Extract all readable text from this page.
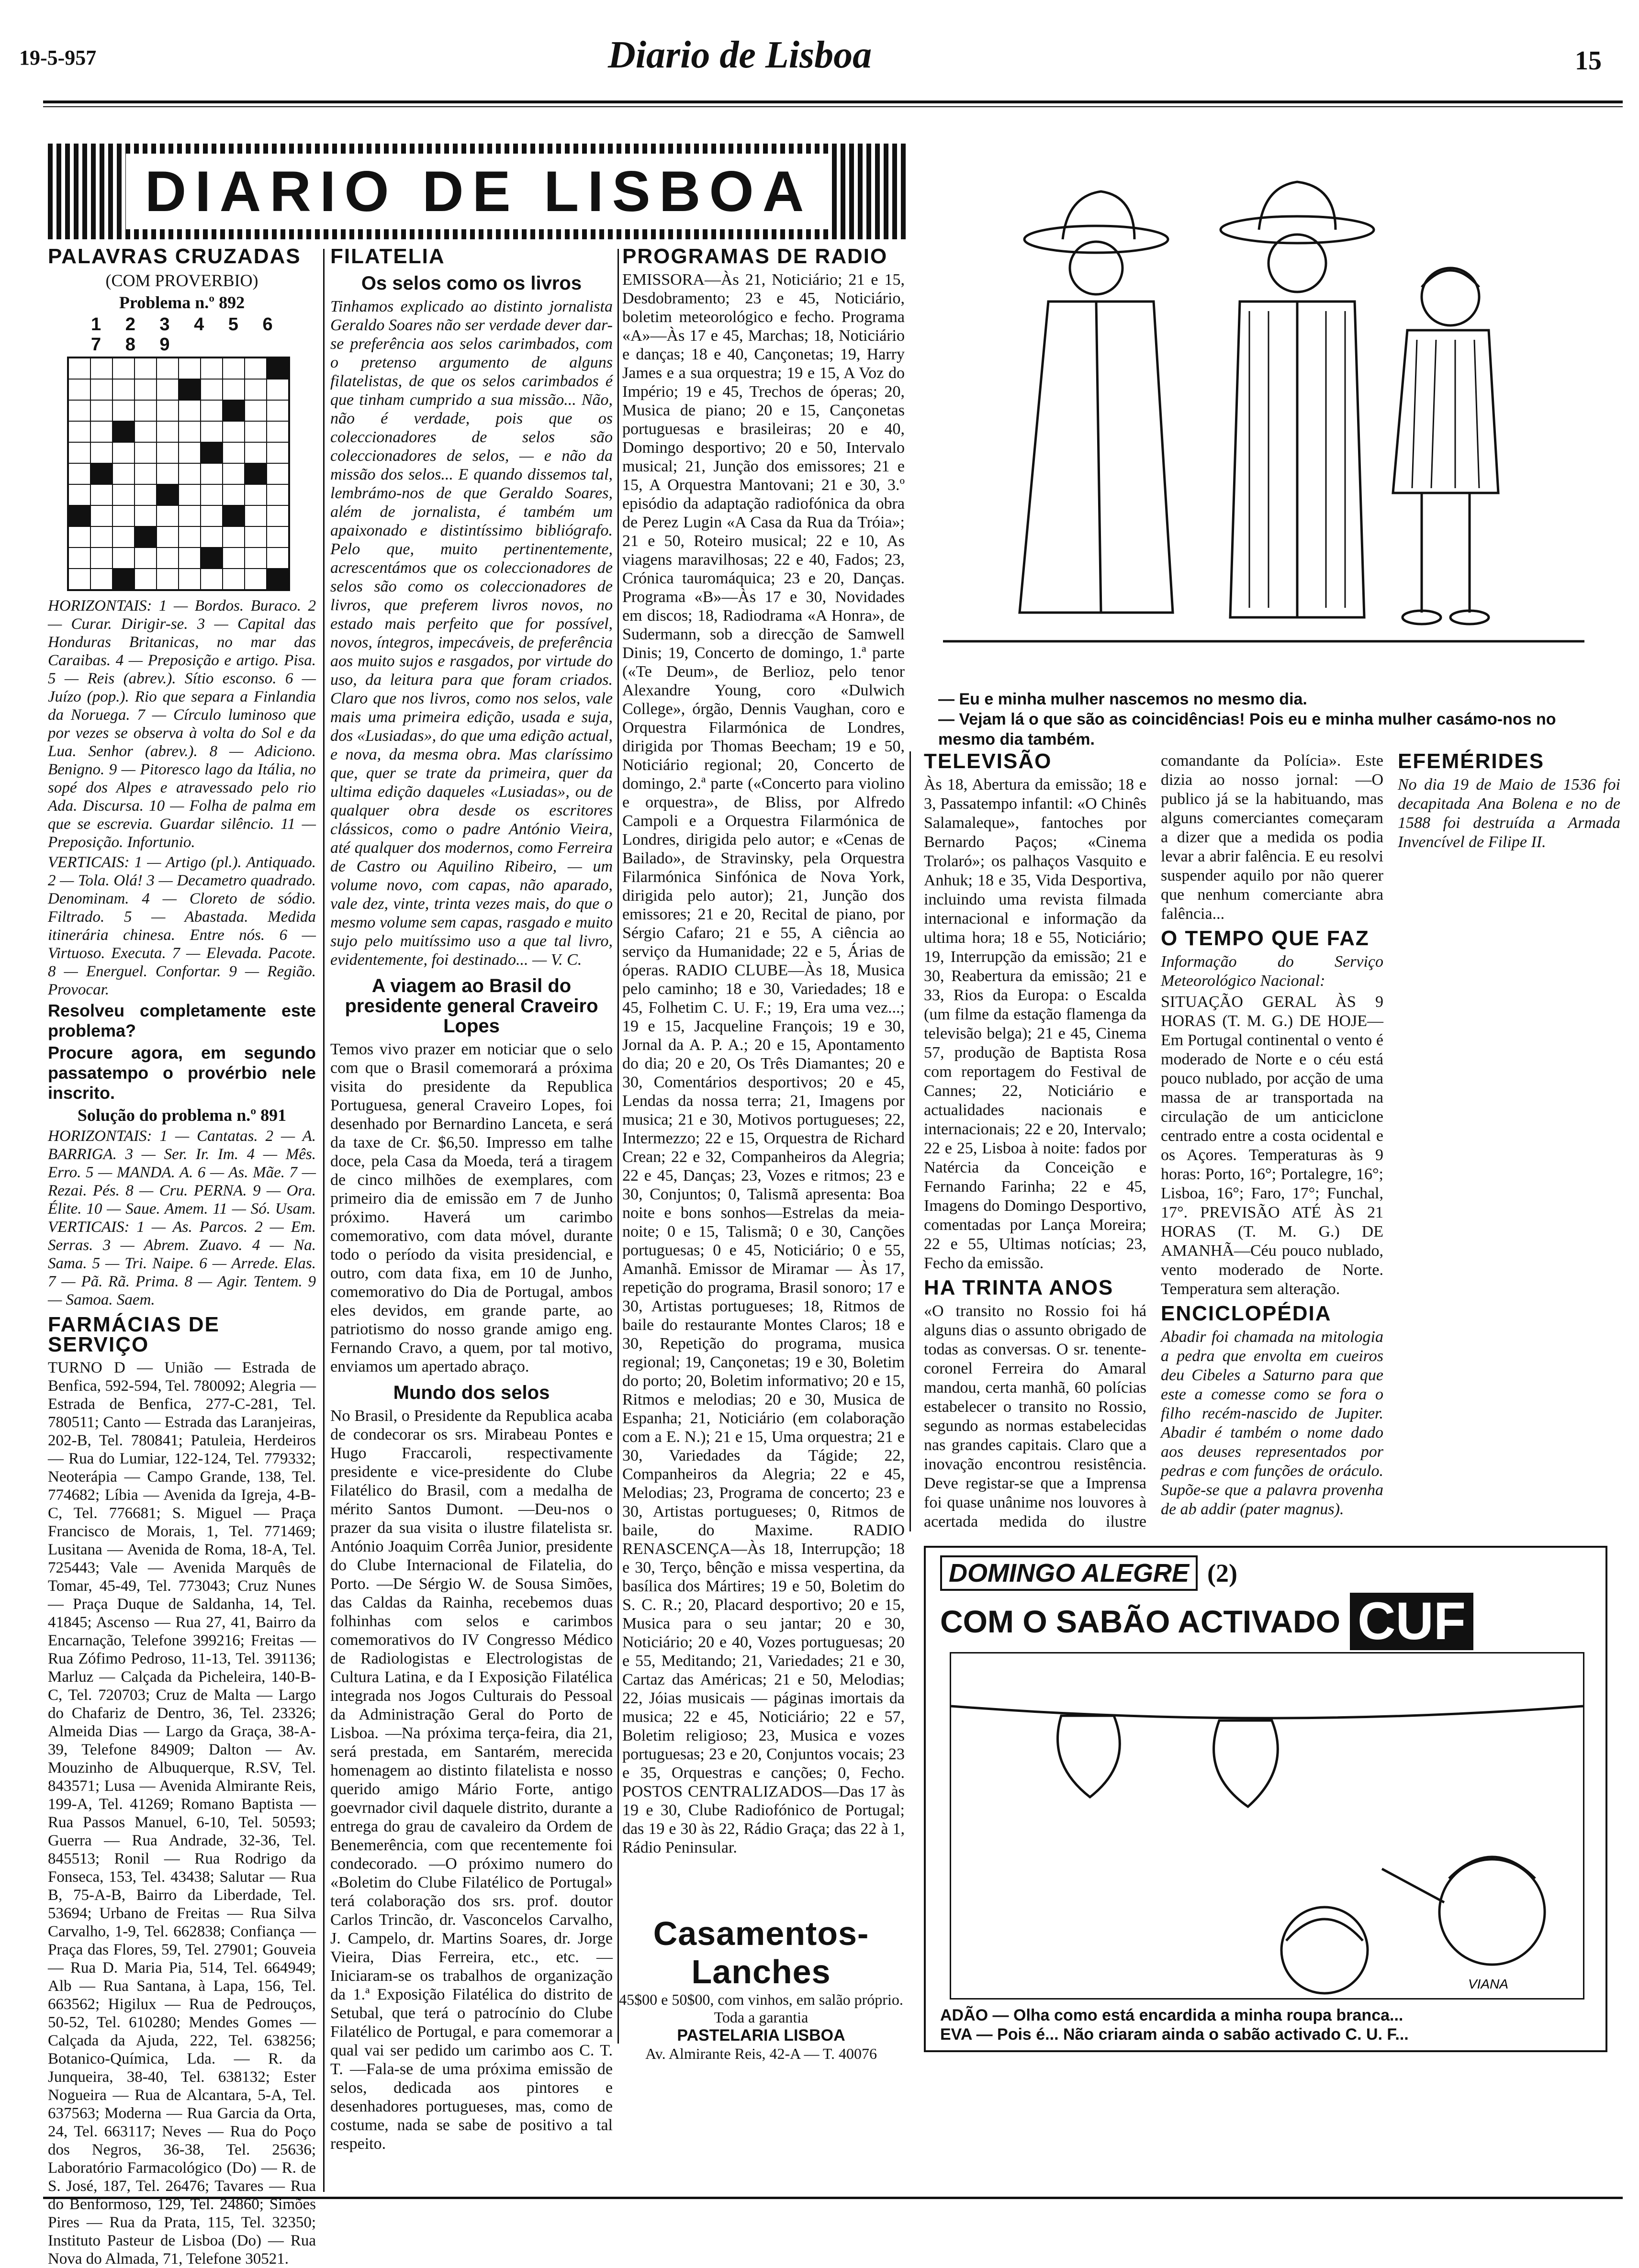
19-5-957	Diario de Lisboa	15
DIARIO DE LISBOA
PALAVRAS CRUZADAS

(COM PROVERBIO)

Problema n.º 892

1 2 3 4 5 6 7 8 9

HORIZONTAIS: 1 — Bordos. Buraco. 2 — Curar. Dirigir-se. 3 — Capital das Honduras Britanicas, no mar das Caraibas. 4 — Preposição e artigo. Pisa. 5 — Reis (abrev.). Sítio esconso. 6 — Juízo (pop.). Rio que separa a Finlandia da Noruega. 7 — Círculo luminoso que por vezes se observa à volta do Sol e da Lua. Senhor (abrev.). 8 — Adiciono. Benigno. 9 — Pitoresco lago da Itália, no sopé dos Alpes e atravessado pelo rio Ada. Discursa. 10 — Folha de palma em que se escrevia. Guardar silêncio. 11 — Preposição. Infortunio.

VERTICAIS: 1 — Artigo (pl.). Antiquado. 2 — Tola. Olá! 3 — Decametro quadrado. Denominam. 4 — Cloreto de sódio. Filtrado. 5 — Abastada. Medida itinerária chinesa. Entre nós. 6 — Virtuoso. Executa. 7 — Elevada. Pacote. 8 — Energuel. Confortar. 9 — Região. Provocar.

Resolveu completamente este problema?

Procure agora, em segundo passatempo o provérbio nele inscrito.

Solução do problema n.º 891

HORIZONTAIS: 1 — Cantatas. 2 — A. BARRIGA. 3 — Ser. Ir. Im. 4 — Mês. Erro. 5 — MANDA. A. 6 — As. Mãe. 7 — Rezai. Pés. 8 — Cru. PERNA. 9 — Ora. Élite. 10 — Saue. Amem. 11 — Só. Usam. VERTICAIS: 1 — As. Parcos. 2 — Em. Serras. 3 — Abrem. Zuavo. 4 — Na. Sama. 5 — Tri. Naipe. 6 — Arrede. Elas. 7 — Pã. Rã. Prima. 8 — Agir. Tentem. 9 — Samoa. Saem.

FARMÁCIAS DE SERVIÇO

TURNO D — União — Estrada de Benfica, 592-594, Tel. 780092; Alegria — Estrada de Benfica, 277-C-281, Tel. 780511; Canto — Estrada das Laranjeiras, 202-B, Tel. 780841; Patuleia, Herdeiros — Rua do Lumiar, 122-124, Tel. 779332; Neoterápia — Campo Grande, 138, Tel. 774682; Líbia — Avenida da Igreja, 4-B-C, Tel. 776681; S. Miguel — Praça Francisco de Morais, 1, Tel. 771469; Lusitana — Avenida de Roma, 18-A, Tel. 725443; Vale — Avenida Marquês de Tomar, 45-49, Tel. 773043; Cruz Nunes — Praça Duque de Saldanha, 14, Tel. 41845; Ascenso — Rua 27, 41, Bairro da Encarnação, Telefone 399216; Freitas — Rua Zófimo Pedroso, 11-13, Tel. 391136; Marluz — Calçada da Picheleira, 140-B-C, Tel. 720703; Cruz de Malta — Largo do Chafariz de Dentro, 36, Tel. 23326; Almeida Dias — Largo da Graça, 38-A-39, Telefone 84909; Dalton — Av. Mouzinho de Albuquerque, R.SV, Tel. 843571; Lusa — Avenida Almirante Reis, 199-A, Tel. 41269; Romano Baptista — Rua Passos Manuel, 6-10, Tel. 50593; Guerra — Rua Andrade, 32-36, Tel. 845513; Ronil — Rua Rodrigo da Fonseca, 153, Tel. 43438; Salutar — Rua B, 75-A-B, Bairro da Liberdade, Tel. 53694; Urbano de Freitas — Rua Silva Carvalho, 1-9, Tel. 662838; Confiança — Praça das Flores, 59, Tel. 27901; Gouveia — Rua D. Maria Pia, 514, Tel. 664949; Alb — Rua Santana, à Lapa, 156, Tel. 663562; Higilux — Rua de Pedrouços, 50-52, Tel. 610280; Mendes Gomes — Calçada da Ajuda, 222, Tel. 638256; Botanico-Química, Lda. — R. da Junqueira, 38-40, Tel. 638132; Ester Nogueira — Rua de Alcantara, 5-A, Tel. 637563; Moderna — Rua Garcia da Orta, 24, Tel. 663117; Neves — Rua do Poço dos Negros, 36-38, Tel. 25636; Laboratório Farmacológico (Do) — R. de S. José, 187, Tel. 26476; Tavares — Rua do Benformoso, 129, Tel. 24860; Simões Pires — Rua da Prata, 115, Tel. 32350; Instituto Pasteur de Lisboa (Do) — Rua Nova do Almada, 71, Telefone 30521.

FILATELIA
Os selos como os livros

Tinhamos explicado ao distinto jornalista Geraldo Soares não ser verdade dever dar-se preferência aos selos carimbados, com o pretenso argumento de alguns filatelistas, de que os selos carimbados é que tinham cumprido a sua missão... Não, não é verdade, pois que os coleccionadores de selos são coleccionadores de selos, — e não da missão dos selos... E quando dissemos tal, lembrámo-nos de que Geraldo Soares, além de jornalista, é também um apaixonado e distintíssimo bibliógrafo. Pelo que, muito pertinentemente, acrescentámos que os coleccionadores de selos são como os coleccionadores de livros, que preferem livros novos, no estado mais perfeito que for possível, novos, íntegros, impecáveis, de preferência aos muito sujos e rasgados, por virtude do uso, da leitura para que foram criados. Claro que nos livros, como nos selos, vale mais uma primeira edição, usada e suja, dos «Lusiadas», do que uma edição actual, e nova, da mesma obra. Mas claríssimo que, quer se trate da primeira, quer da ultima edição daqueles «Lusiadas», ou de qualquer obra desde os escritores clássicos, como o padre António Vieira, até qualquer dos modernos, como Ferreira de Castro ou Aquilino Ribeiro, — um volume novo, com capas, não aparado, vale dez, vinte, trinta vezes mais, do que o mesmo volume sem capas, rasgado e muito sujo pelo muitíssimo uso a que tal livro, evidentemente, foi destinado... — V. C.

A viagem ao Brasil do presidente general Craveiro Lopes

Temos vivo prazer em noticiar que o selo com que o Brasil comemorará a próxima visita do presidente da Republica Portuguesa, general Craveiro Lopes, foi desenhado por Bernardino Lanceta, e será da taxe de Cr. $6,50. Impresso em talhe doce, pela Casa da Moeda, terá a tiragem de cinco milhões de exemplares, com primeiro dia de emissão em 7 de Junho próximo. Haverá um carimbo comemorativo, com data móvel, durante todo o período da visita presidencial, e outro, com data fixa, em 10 de Junho, comemorativo do Dia de Portugal, ambos eles devidos, em grande parte, ao patriotismo do nosso grande amigo eng. Fernando Cravo, a quem, por tal motivo, enviamos um apertado abraço.

Mundo dos selos

No Brasil, o Presidente da Republica acaba de condecorar os srs. Mirabeau Pontes e Hugo Fraccaroli, respectivamente presidente e vice-presidente do Clube Filatélico do Brasil, com a medalha de mérito Santos Dumont. —Deu-nos o prazer da sua visita o ilustre filatelista sr. António Joaquim Corrêa Junior, presidente do Clube Internacional de Filatelia, do Porto. —De Sérgio W. de Sousa Simões, das Caldas da Rainha, recebemos duas folhinhas com selos e carimbos comemorativos do IV Congresso Médico de Radiologistas e Electrologistas de Cultura Latina, e da I Exposição Filatélica integrada nos Jogos Culturais do Pessoal da Administração Geral do Porto de Lisboa. —Na próxima terça-feira, dia 21, será prestada, em Santarém, merecida homenagem ao distinto filatelista e nosso querido amigo Mário Forte, antigo goevrnador civil daquele distrito, durante a entrega do grau de cavaleiro da Ordem de Benemerência, com que recentemente foi condecorado. —O próximo numero do «Boletim do Clube Filatélico de Portugal» terá colaboração dos srs. prof. doutor Carlos Trincão, dr. Vasconcelos Carvalho, J. Campelo, dr. Martins Soares, dr. Jorge Vieira, Dias Ferreira, etc., etc. —Iniciaram-se os trabalhos de organização da 1.ª Exposição Filatélica do distrito de Setubal, que terá o patrocínio do Clube Filatélico de Portugal, e para comemorar a qual vai ser pedido um carimbo aos C. T. T. —Fala-se de uma próxima emissão de selos, dedicada aos pintores e desenhadores portugueses, mas, como de costume, nada se sabe de positivo a tal respeito.

PROGRAMAS DE RADIO

EMISSORA—Às 21, Noticiário; 21 e 15, Desdobramento; 23 e 45, Noticiário, boletim meteorológico e fecho. Programa «A»—Às 17 e 45, Marchas; 18, Noticiário e danças; 18 e 40, Cançonetas; 19, Harry James e a sua orquestra; 19 e 15, A Voz do Império; 19 e 45, Trechos de óperas; 20, Musica de piano; 20 e 15, Cançonetas portuguesas e brasileiras; 20 e 40, Domingo desportivo; 20 e 50, Intervalo musical; 21, Junção dos emissores; 21 e 15, A Orquestra Mantovani; 21 e 30, 3.º episódio da adaptação radiofónica da obra de Perez Lugin «A Casa da Rua da Tróia»; 21 e 50, Roteiro musical; 22 e 10, As viagens maravilhosas; 22 e 40, Fados; 23, Crónica tauromáquica; 23 e 20, Danças. Programa «B»—Às 17 e 30, Novidades em discos; 18, Radiodrama «A Honra», de Sudermann, sob a direcção de Samwell Dinis; 19, Concerto de domingo, 1.ª parte («Te Deum», de Berlioz, pelo tenor Alexandre Young, coro «Dulwich College», órgão, Dennis Vaughan, coro e Orquestra Filarmónica de Londres, dirigida por Thomas Beecham; 19 e 50, Noticiário regional; 20, Concerto de domingo, 2.ª parte («Concerto para violino e orquestra», de Bliss, por Alfredo Campoli e a Orquestra Filarmónica de Londres, dirigida pelo autor; e «Cenas de Bailado», de Stravinsky, pela Orquestra Filarmónica Sinfónica de Nova York, dirigida pelo autor); 21, Junção dos emissores; 21 e 20, Recital de piano, por Sérgio Cafaro; 21 e 55, A ciência ao serviço da Humanidade; 22 e 5, Árias de óperas. RADIO CLUBE—Às 18, Musica pelo caminho; 18 e 30, Variedades; 18 e 45, Folhetim C. U. F.; 19, Era uma vez...; 19 e 15, Jacqueline François; 19 e 30, Jornal da A. P. A.; 20 e 15, Apontamento do dia; 20 e 20, Os Três Diamantes; 20 e 30, Comentários desportivos; 20 e 45, Lendas da nossa terra; 21, Imagens por musica; 21 e 30, Motivos portugueses; 22, Intermezzo; 22 e 15, Orquestra de Richard Crean; 22 e 32, Companheiros da Alegria; 22 e 45, Danças; 23, Vozes e ritmos; 23 e 30, Conjuntos; 0, Talismã apresenta: Boa noite e bons sonhos—Estrelas da meia-noite; 0 e 15, Talismã; 0 e 30, Canções portuguesas; 0 e 45, Noticiário; 0 e 55, Amanhã. Emissor de Miramar — Às 17, repetição do programa, Brasil sonoro; 17 e 30, Artistas portugueses; 18, Ritmos de baile do restaurante Montes Claros; 18 e 30, Repetição do programa, musica regional; 19, Cançonetas; 19 e 30, Boletim do porto; 20, Boletim informativo; 20 e 15, Ritmos e melodias; 20 e 30, Musica de Espanha; 21, Noticiário (em colaboração com a E. N.); 21 e 15, Uma orquestra; 21 e 30, Variedades da Tágide; 22, Companheiros da Alegria; 22 e 45, Melodias; 23, Programa de concerto; 23 e 30, Artistas portugueses; 0, Ritmos de baile, do Maxime. RADIO RENASCENÇA—Às 18, Interrupção; 18 e 30, Terço, bênção e missa vespertina, da basílica dos Mártires; 19 e 50, Boletim do S. C. R.; 20, Placard desportivo; 20 e 15, Musica para o seu jantar; 20 e 30, Noticiário; 20 e 40, Vozes portuguesas; 20 e 55, Meditando; 21, Variedades; 21 e 30, Cartaz das Américas; 21 e 50, Melodias; 22, Jóias musicais — páginas imortais da musica; 22 e 45, Noticiário; 22 e 57, Boletim religioso; 23, Musica e vozes portuguesas; 23 e 20, Conjuntos vocais; 23 e 35, Orquestras e canções; 0, Fecho. POSTOS CENTRALIZADOS—Das 17 às 19 e 30, Clube Radiofónico de Portugal; das 19 e 30 às 22, Rádio Graça; das 22 à 1, Rádio Peninsular.

Casamentos-Lanches
45$00 e 50$00, com vinhos, em salão próprio. Toda a garantia
PASTELARIA LISBOA
Av. Almirante Reis, 42-A — T. 40076
— Eu e minha mulher nascemos no mesmo dia.
— Vejam lá o que são as coincidências! Pois eu e minha mulher casámo-nos no mesmo dia também.
TELEVISÃO

Às 18, Abertura da emissão; 18 e 3, Passatempo infantil: «O Chinês Salamaleque», fantoches por Bernardo Paços; «Cinema Trolaró»; os palhaços Vasquito e Anhuk; 18 e 35, Vida Desportiva, incluindo uma revista filmada internacional e informação da ultima hora; 18 e 55, Noticiário; 19, Interrupção da emissão; 21 e 30, Reabertura da emissão; 21 e 33, Rios da Europa: o Escalda (um filme da estação flamenga da televisão belga); 21 e 45, Cinema 57, produção de Baptista Rosa com reportagem do Festival de Cannes; 22, Noticiário e actualidades nacionais e internacionais; 22 e 20, Intervalo; 22 e 25, Lisboa à noite: fados por Natércia da Conceição e Fernando Farinha; 22 e 45, Imagens do Domingo Desportivo, comentadas por Lança Moreira; 22 e 55, Ultimas notícias; 23, Fecho da emissão.

HA TRINTA ANOS

«O transito no Rossio foi há alguns dias o assunto obrigado de todas as conversas. O sr. tenente-coronel Ferreira do Amaral mandou, certa manhã, 60 polícias estabelecer o transito no Rossio, segundo as normas estabelecidas nas grandes capitais. Claro que a inovação encontrou resistência. Deve registar-se que a Imprensa foi quase unânime nos louvores à acertada medida do ilustre comandante da Polícia». Este dizia ao nosso jornal: —O publico já se la habituando, mas alguns comerciantes começaram a dizer que a medida os podia levar a abrir falência. E eu resolvi suspender aquilo por não querer que nenhum comerciante abra falência...

O TEMPO QUE FAZ

Informação do Serviço Meteorológico Nacional:

SITUAÇÃO GERAL ÀS 9 HORAS (T. M. G.) DE HOJE—Em Portugal continental o vento é moderado de Norte e o céu está pouco nublado, por acção de uma massa de ar transportada na circulação de um anticiclone centrado entre a costa ocidental e os Açores. Temperaturas às 9 horas: Porto, 16°; Portalegre, 16°; Lisboa, 16°; Faro, 17°; Funchal, 17°. PREVISÃO ATÉ ÀS 21 HORAS (T. M. G.) DE AMANHÃ—Céu pouco nublado, vento moderado de Norte. Temperatura sem alteração.

ENCICLOPÉDIA

Abadir foi chamada na mitologia a pedra que envolta em cueiros deu Cibeles a Saturno para que este a comesse como se fora o filho recém-nascido de Jupiter. Abadir é também o nome dado aos deuses representados por pedras e com funções de oráculo. Supõe-se que a palavra provenha de ab addir (pater magnus).

EFEMÉRIDES

No dia 19 de Maio de 1536 foi decapitada Ana Bolena e no de 1588 foi destruída a Armada Invencível de Filipe II.

DOMINGO ALEGRE (2)
COM O SABÃO ACTIVADO CUF
VIANA
ADÃO — Olha como está encardida a minha roupa branca...
EVA — Pois é... Não criaram ainda o sabão activado C. U. F...
